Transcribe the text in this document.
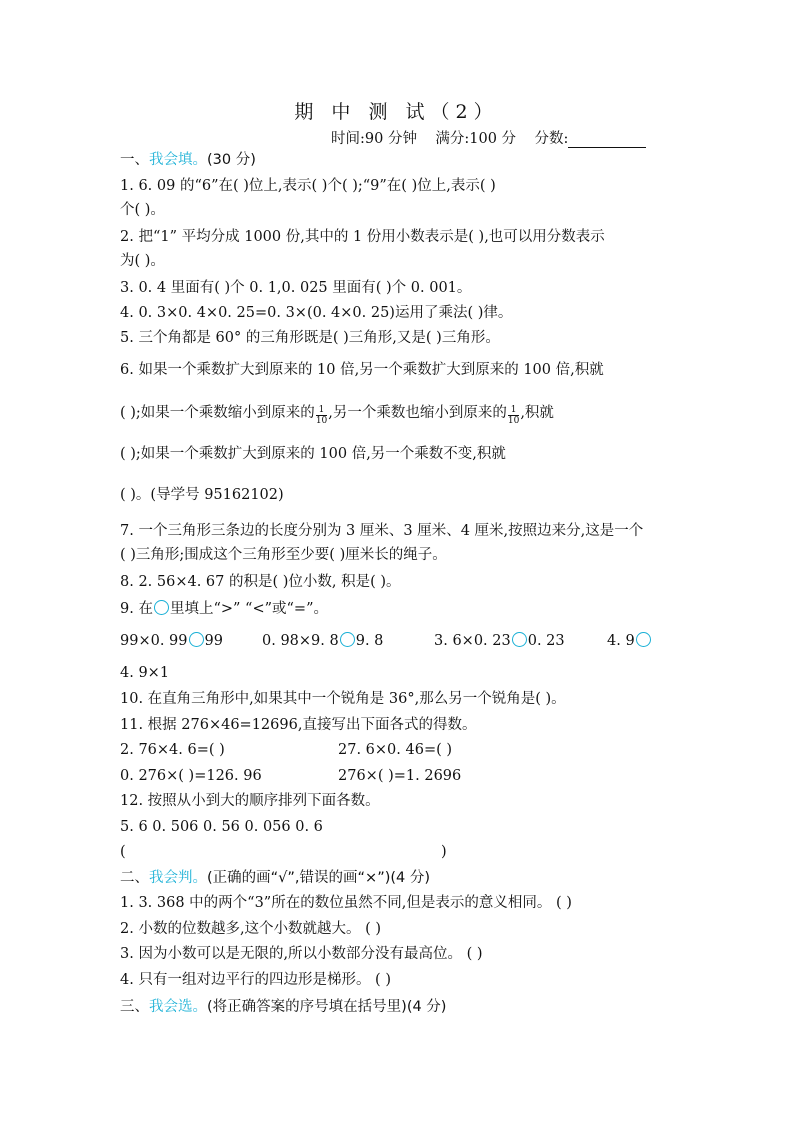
期 中 测 试（2）
时间:90 分钟 满分:100 分 分数:
一、我会填。(30 分)
1. 6. 09 的“6”在( )位上,表示( )个( );“9”在( )位上,表示( )
个( )。
2. 把“1” 平均分成 1000 份,其中的 1 份用小数表示是( ),也可以用分数表示
为( )。
3. 0. 4 里面有( )个 0. 1,0. 025 里面有( )个 0. 001。
4. 0. 3×0. 4×0. 25=0. 3×(0. 4×0. 25)运用了乘法( )律。
5. 三个角都是 60° 的三角形既是( )三角形,又是( )三角形。
6. 如果一个乘数扩大到原来的 10 倍,另一个乘数扩大到原来的 100 倍,积就
( );如果一个乘数缩小到原来的 $\frac{1}{10}$ ,另一个乘数也缩小到原来的 $\frac{1}{10}$ ,积就
( );如果一个乘数扩大到原来的 100 倍,另一个乘数不变,积就
( )。(导学号 95162102)
7. 一个三角形三条边的长度分别为 3 厘米、3 厘米、4 厘米,按照边来分,这是一个
( )三角形;围成这个三角形至少要( )厘米长的绳子。
8. 2. 56×4. 67 的积是( )位小数, 积是( )。
9. 在 里填上“>” “<”或“=”。
99×0. 99 99	0. 98×9. 8 9. 8	3. 6×0. 23 0. 23	4. 9
4. 9×1
10. 在直角三角形中,如果其中一个锐角是 36°,那么另一个锐角是( )。
11. 根据 276×46=12696,直接写出下面各式的得数。
2. 76×4. 6=( )	27. 6×0. 46=( )
0. 276×( )=126. 96	276×( )=1. 2696
12. 按照从小到大的顺序排列下面各数。
5. 6 0. 506 0. 56 0. 056 0. 6
(	)
二、我会判。(正确的画“√”,错误的画“×”)(4 分)
1. 3. 368 中的两个“3”所在的数位虽然不同,但是表示的意义相同。 ( )
2. 小数的位数越多,这个小数就越大。 ( )
3. 因为小数可以是无限的,所以小数部分没有最高位。 ( )
4. 只有一组对边平行的四边形是梯形。 ( )
三、我会选。(将正确答案的序号填在括号里)(4 分)
